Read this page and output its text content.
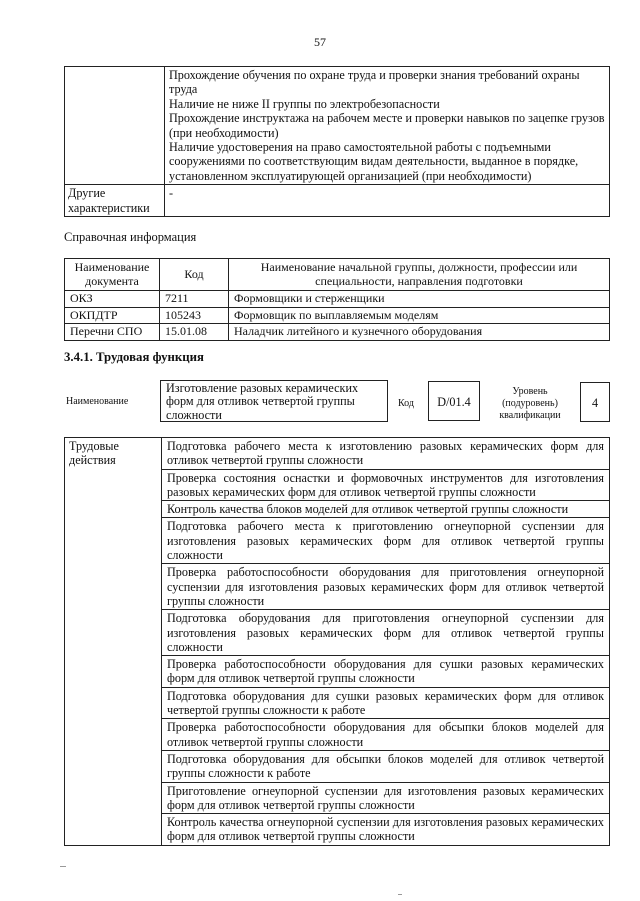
57

	Прохождение обучения по охране труда и проверки знания требований охраны труда
Наличие не ниже II группы по электробезопасности
Прохождение инструктажа на рабочем месте и проверки навыков по зацепке грузов (при необходимости)
Наличие удостоверения на право самостоятельной работы с подъемными сооружениями по соответствующим видам деятельности, выданное в порядке, установленном эксплуатирующей организацией (при необходимости)

Другие характеристики	-
Справочная информация
Наименование документа	Код	Наименование начальной группы, должности, профессии или специальности, направления подготовки
ОКЗ	7211	Формовщики и стерженщики
ОКПДТР	105243	Формовщик по выплавляемым моделям
Перечни СПО	15.01.08	Наладчик литейного и кузнечного оборудования
3.4.1. Трудовая функция
Наименование
Изготовление разовых керамических форм для отливок четвертой группы сложности
Код	D/01.4
Уровень (подуровень) квалификации
4
Трудовые действия	Подготовка рабочего места к изготовлению разовых керамических форм для отливок четвертой группы сложности
Проверка состояния оснастки и формовочных инструментов для изготовления разовых керамических форм для отливок четвертой группы сложности
Контроль качества блоков моделей для отливок четвертой группы сложности
Подготовка рабочего места к приготовлению огнеупорной суспензии для изготовления разовых керамических форм для отливок четвертой группы сложности
Проверка работоспособности оборудования для приготовления огнеупорной суспензии для изготовления разовых керамических форм для отливок четвертой группы сложности
Подготовка оборудования для приготовления огнеупорной суспензии для изготовления разовых керамических форм для отливок четвертой группы сложности
Проверка работоспособности оборудования для сушки разовых керамических форм для отливок четвертой группы сложности
Подготовка оборудования для сушки разовых керамических форм для отливок четвертой группы сложности к работе
Проверка работоспособности оборудования для обсыпки блоков моделей для отливок четвертой группы сложности
Подготовка оборудования для обсыпки блоков моделей для отливок четвертой группы сложности к работе
Приготовление огнеупорной суспензии для изготовления разовых керамических форм для отливок четвертой группы сложности
Контроль качества огнеупорной суспензии для изготовления разовых керамических форм для отливок четвертой группы сложности
